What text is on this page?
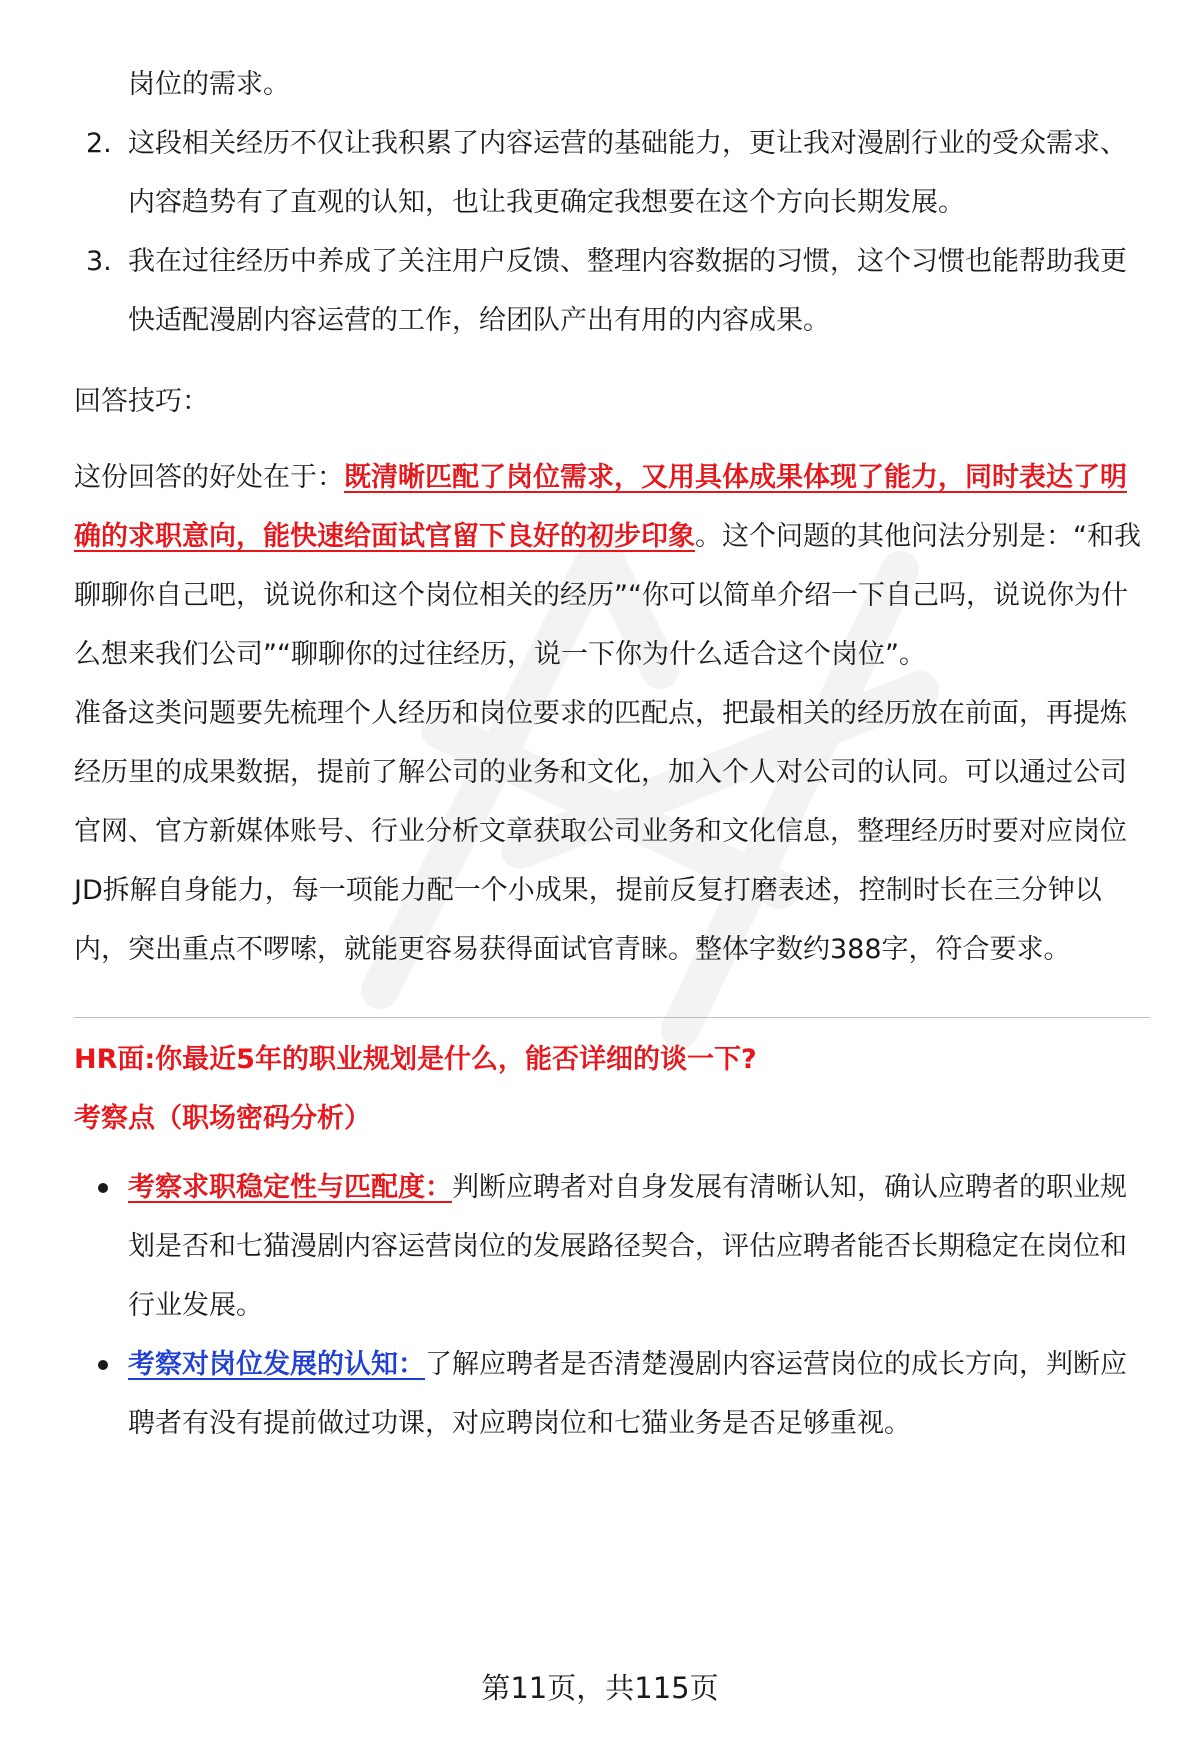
岗位的需求。
2. 这段相关经历不仅让我积累了内容运营的基础能力，更让我对漫剧行业的受众需求、内容趋势有了直观的认知，也让我更确定我想要在这个方向长期发展。
3. 我在过往经历中养成了关注用户反馈、整理内容数据的习惯，这个习惯也能帮助我更快适配漫剧内容运营的工作，给团队产出有用的内容成果。

回答技巧：

这份回答的好处在于：既清晰匹配了岗位需求，又用具体成果体现了能力，同时表达了明确的求职意向，能快速给面试官留下良好的初步印象。这个问题的其他问法分别是：“和我聊聊你自己吧，说说你和这个岗位相关的经历”“你可以简单介绍一下自己吗，说说你为什么想来我们公司”“聊聊你的过往经历，说一下你为什么适合这个岗位”。

准备这类问题要先梳理个人经历和岗位要求的匹配点，把最相关的经历放在前面，再提炼经历里的成果数据，提前了解公司的业务和文化，加入个人对公司的认同。可以通过公司官网、官方新媒体账号、行业分析文章获取公司业务和文化信息，整理经历时要对应岗位JD拆解自身能力，每一项能力配一个小成果，提前反复打磨表述，控制时长在三分钟以内，突出重点不啰嗦，就能更容易获得面试官青睐。整体字数约388字，符合要求。

HR面:你最近5年的职业规划是什么，能否详细的谈一下?

考察点（职场密码分析）

考察求职稳定性与匹配度：判断应聘者对自身发展有清晰认知，确认应聘者的职业规划是否和七猫漫剧内容运营岗位的发展路径契合，评估应聘者能否长期稳定在岗位和行业发展。
考察对岗位发展的认知：了解应聘者是否清楚漫剧内容运营岗位的成长方向，判断应聘者有没有提前做过功课，对应聘岗位和七猫业务是否足够重视。
第11页，共115页
